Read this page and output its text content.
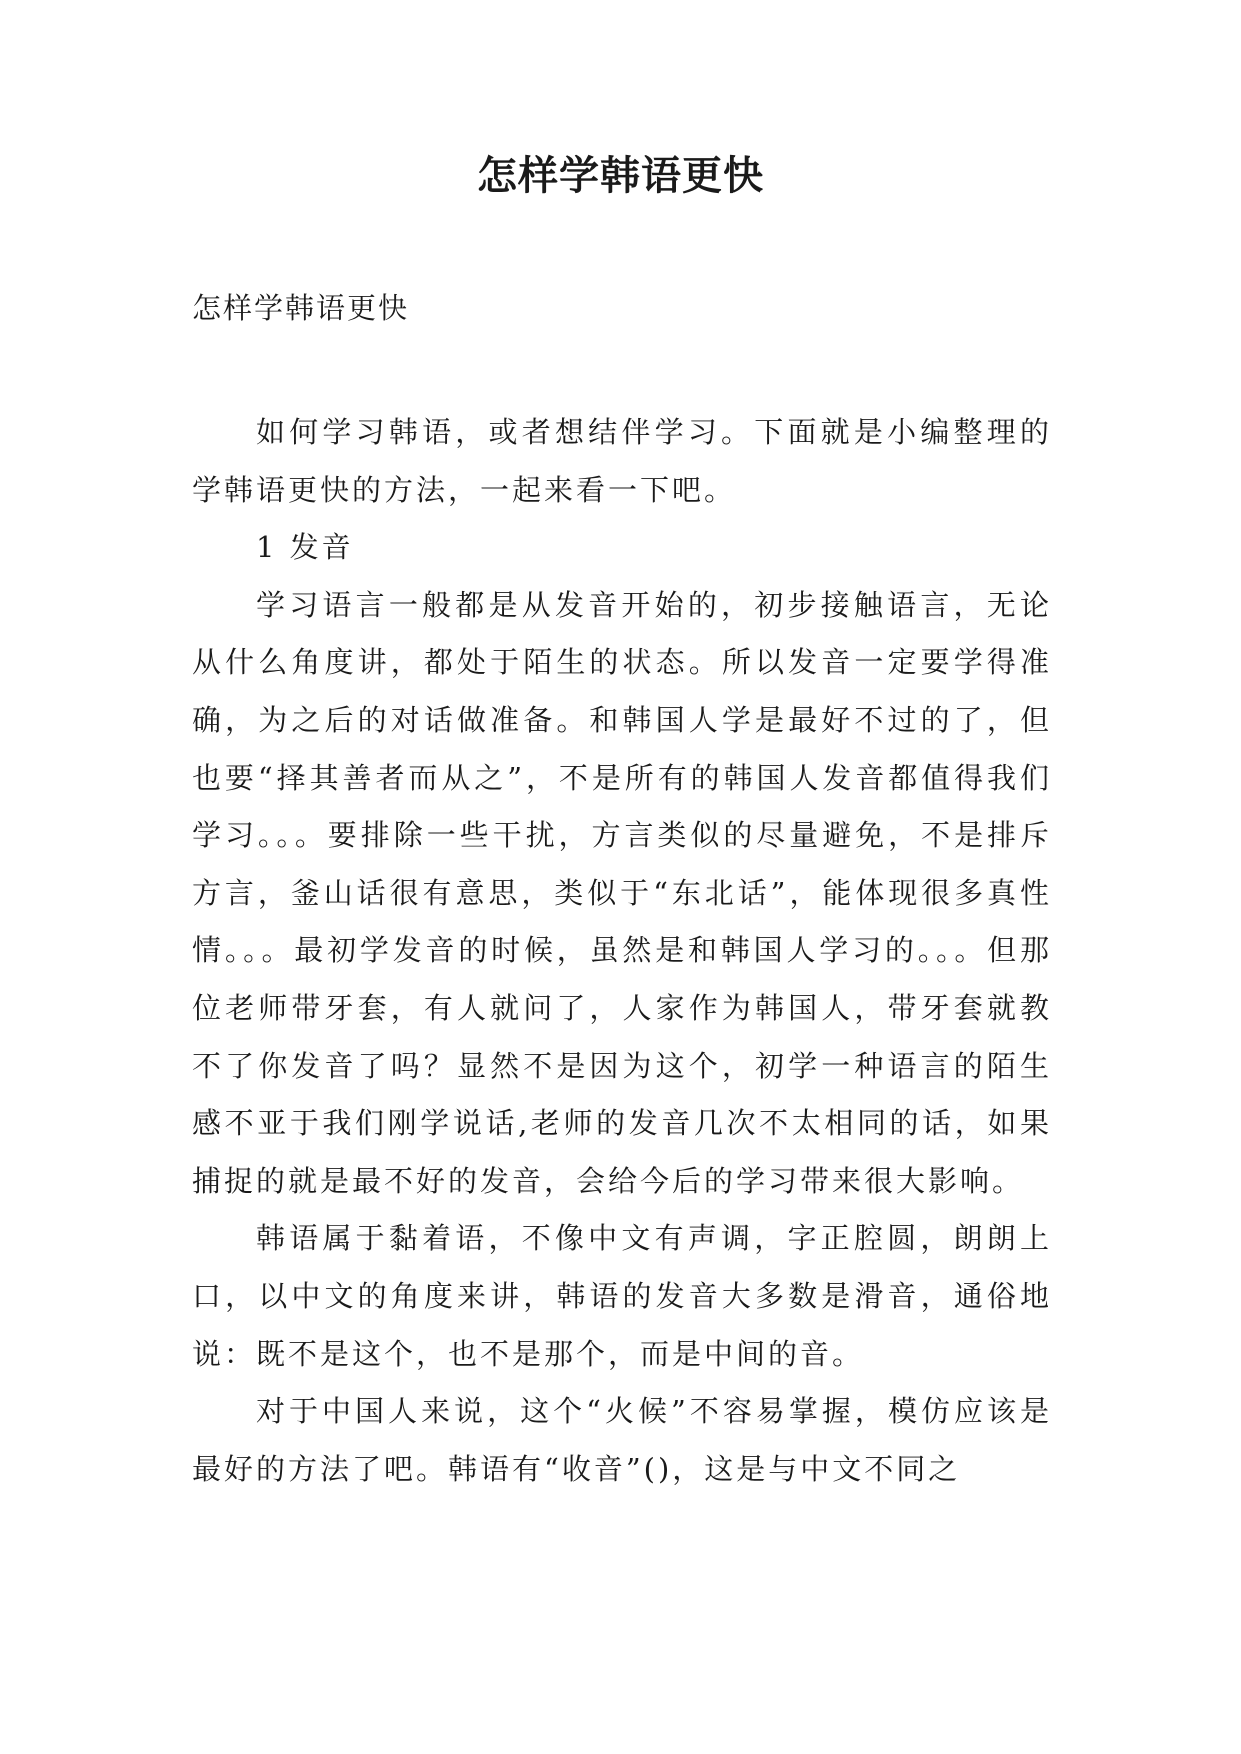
怎样学韩语更快
怎样学韩语更快

如何学习韩语，或者想结伴学习。下面就是小编整理的学韩语更快的方法，一起来看一下吧。

1 发音

学习语言一般都是从发音开始的，初步接触语言，无论从什么角度讲，都处于陌生的状态。所以发音一定要学得准确，为之后的对话做准备。和韩国人学是最好不过的了，但也要“择其善者而从之”，不是所有的韩国人发音都值得我们学习。。。要排除一些干扰，方言类似的尽量避免，不是排斥方言，釜山话很有意思，类似于“东北话”，能体现很多真性情。。。最初学发音的时候，虽然是和韩国人学习的。。。但那位老师带牙套，有人就问了，人家作为韩国人，带牙套就教不了你发音了吗？显然不是因为这个，初学一种语言的陌生感不亚于我们刚学说话,老师的发音几次不太相同的话，如果捕捉的就是最不好的发音，会给今后的学习带来很大影响。

韩语属于黏着语，不像中文有声调，字正腔圆，朗朗上口，以中文的角度来讲，韩语的发音大多数是滑音，通俗地说：既不是这个，也不是那个，而是中间的音。

对于中国人来说，这个“火候”不容易掌握，模仿应该是最好的方法了吧。韩语有“收音”()，这是与中文不同之
